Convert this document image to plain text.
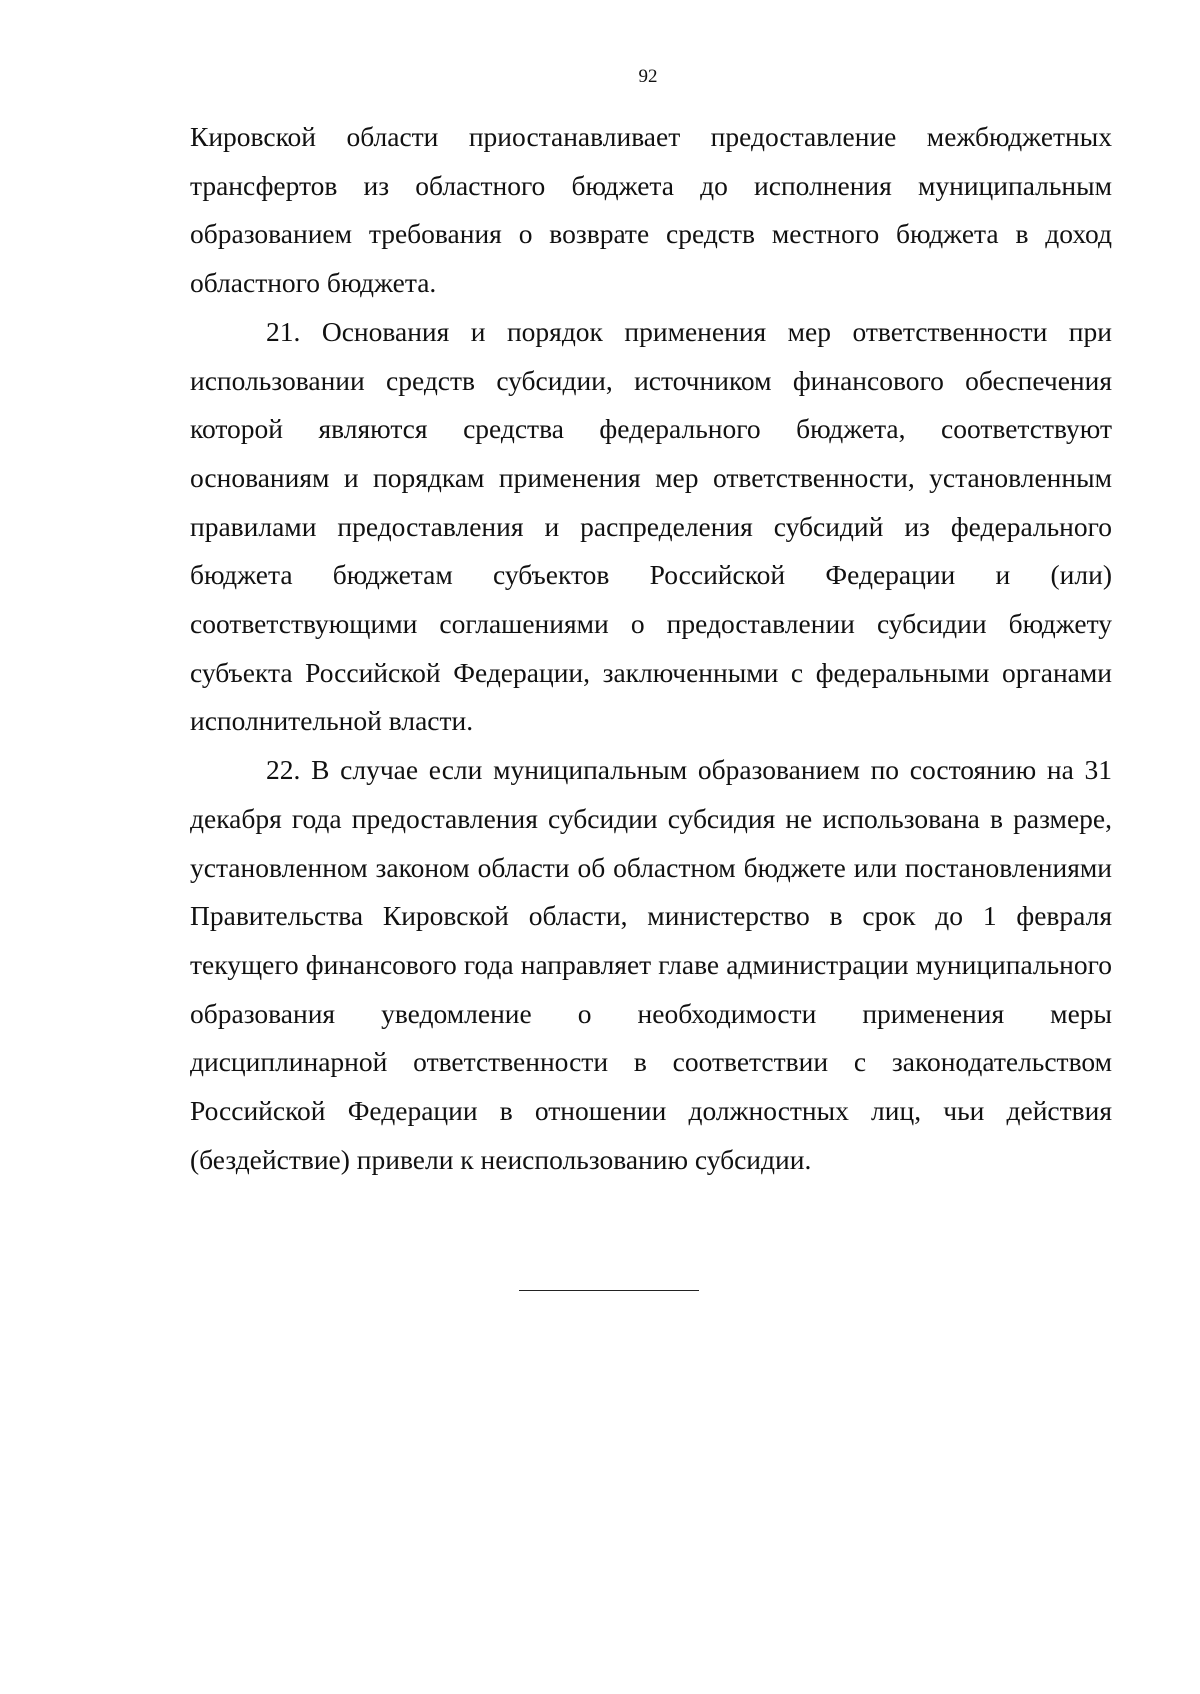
92

Кировской области приостанавливает предоставление межбюджетных трансфертов из областного бюджета до исполнения муниципальным образованием требования о возврате средств местного бюджета в доход областного бюджета.

21. Основания и порядок применения мер ответственности при использовании средств субсидии, источником финансового обеспечения которой являются средства федерального бюджета, соответствуют основаниям и порядкам применения мер ответственности, установленным правилами предоставления и распределения субсидий из федерального бюджета бюджетам субъектов Российской Федерации и (или) соответствующими соглашениями о предоставлении субсидии бюджету субъекта Российской Федерации, заключенными с федеральными органами исполнительной власти.

22. В случае если муниципальным образованием по состоянию на 31 декабря года предоставления субсидии субсидия не использована в размере, установленном законом области об областном бюджете или постановлениями Правительства Кировской области, министерство в срок до 1 февраля текущего финансового года направляет главе администрации муниципального образования уведомление о необходимости применения меры дисциплинарной ответственности в соответствии с законодательством Российской Федерации в отношении должностных лиц, чьи действия (бездействие) привели к неиспользованию субсидии.
